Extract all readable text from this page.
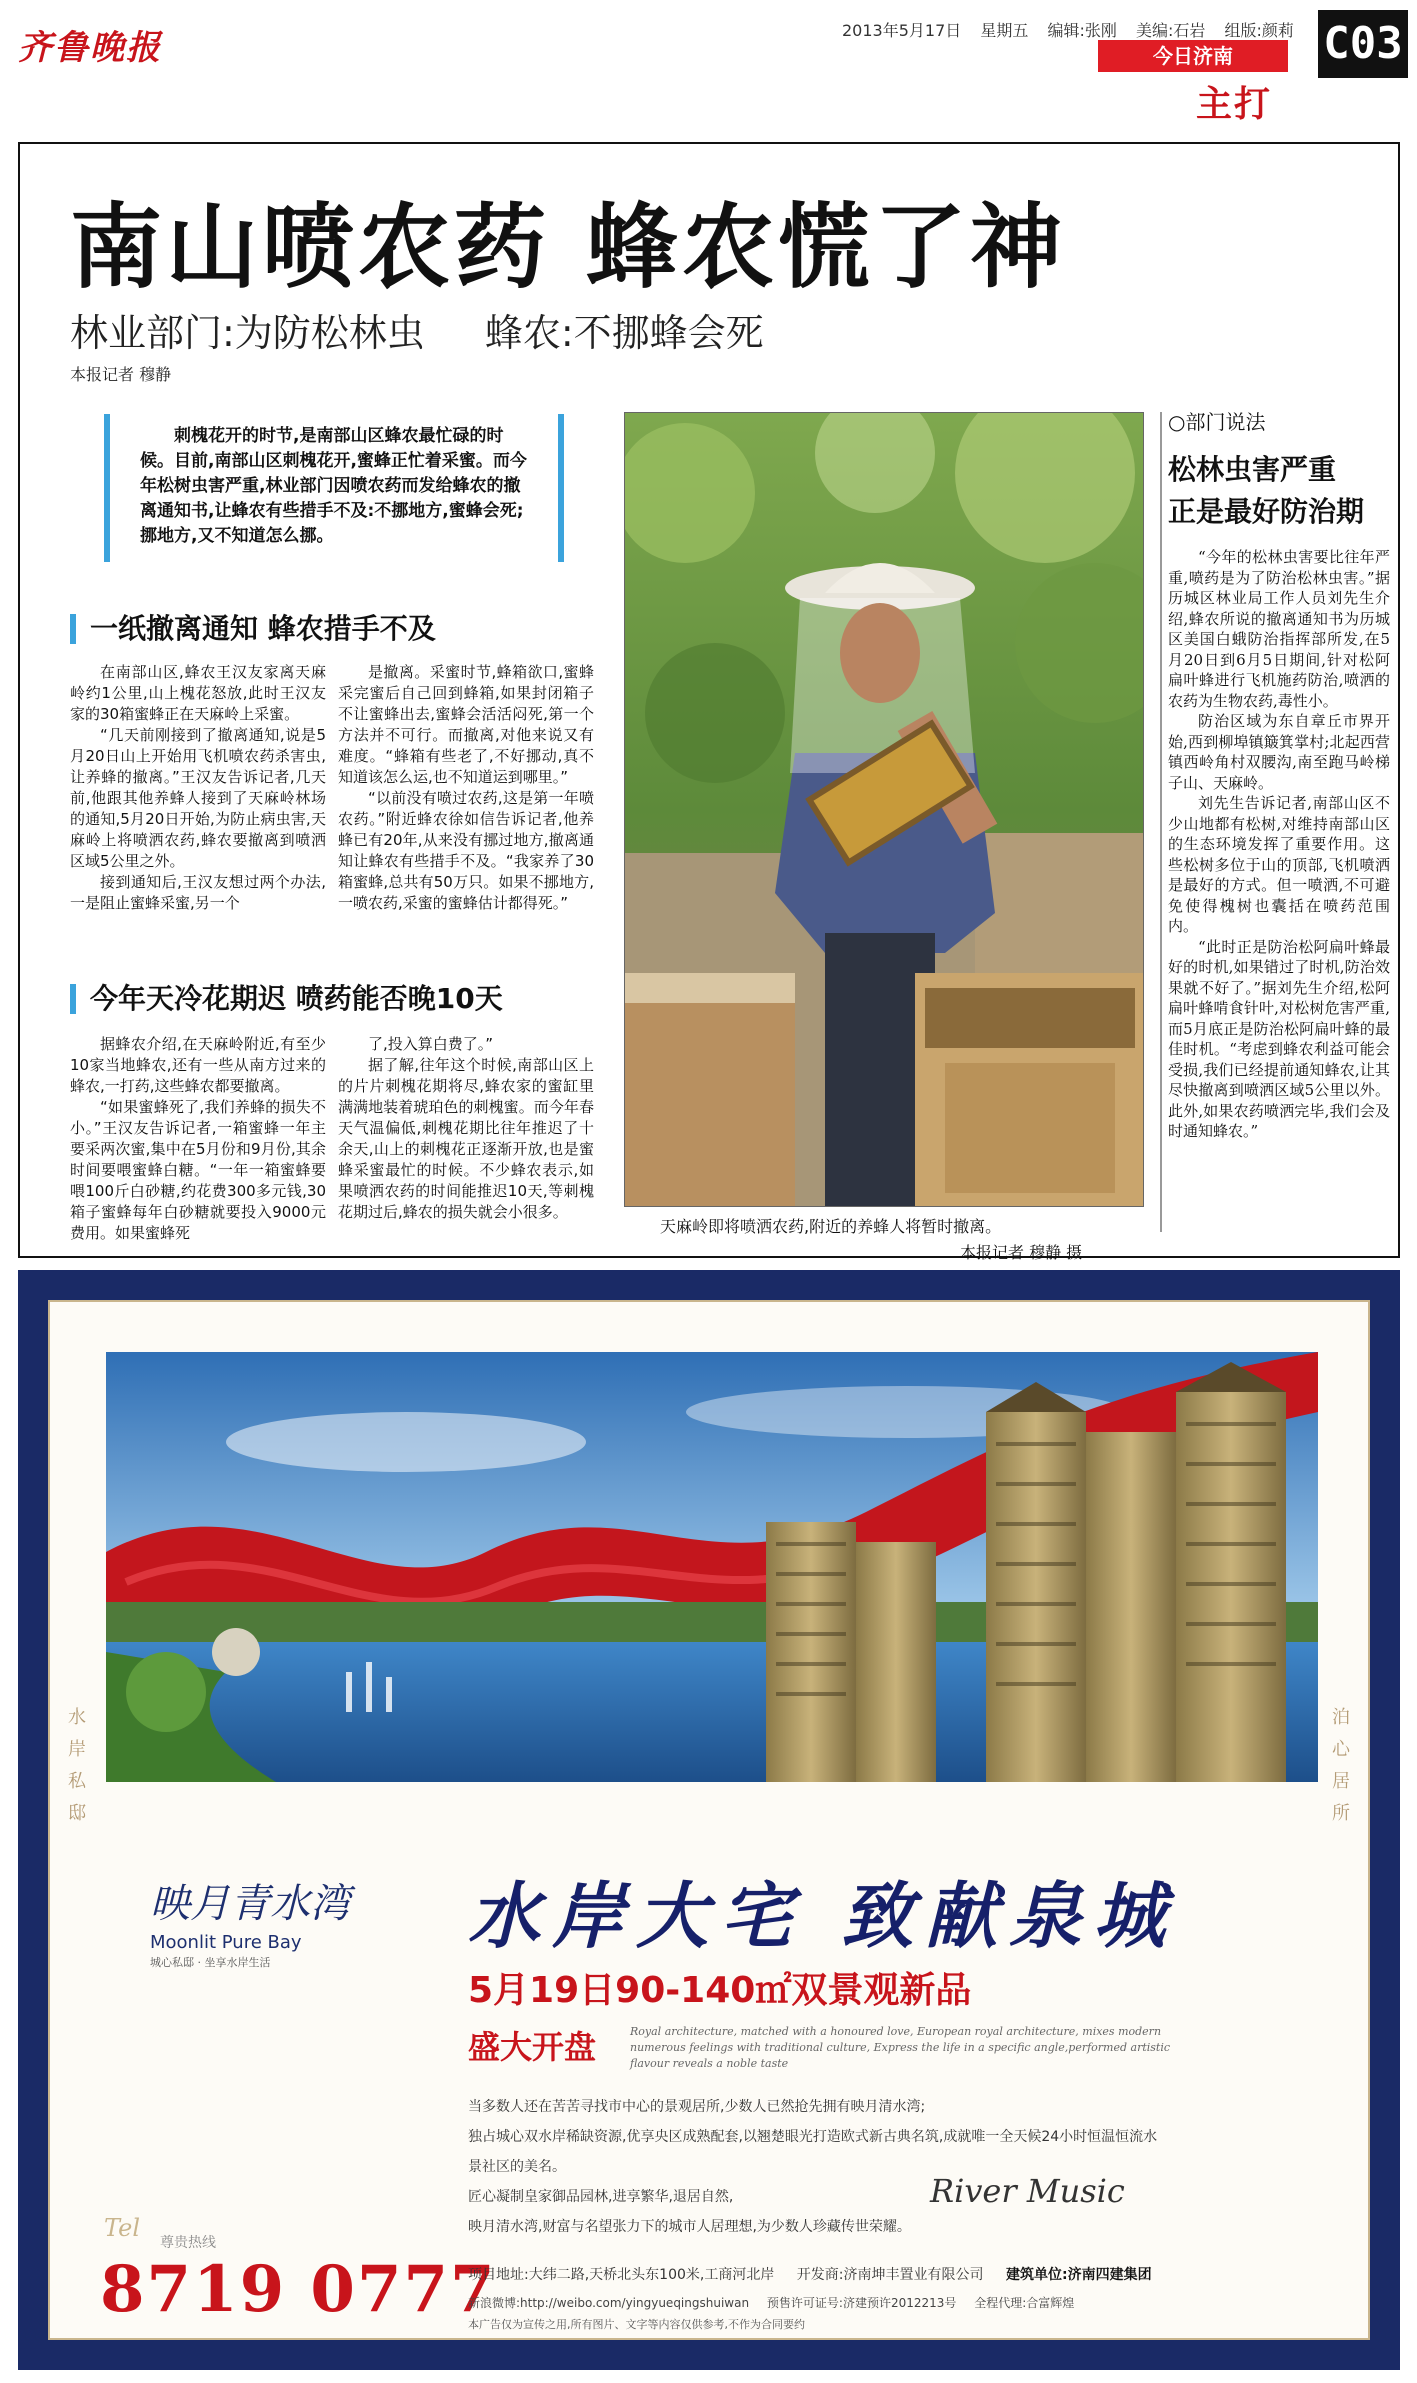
齐鲁晚报	2013年5月17日 星期五 编辑:张刚 美编:石岩 组版:颜莉
今日济南
主打
C03
南山喷农药 蜂农慌了神
林业部门:为防松林虫 蜂农:不挪蜂会死
本报记者 穆静

刺槐花开的时节,是南部山区蜂农最忙碌的时候。目前,南部山区刺槐花开,蜜蜂正忙着采蜜。而今年松树虫害严重,林业部门因喷农药而发给蜂农的撤离通知书,让蜂农有些措手不及:不挪地方,蜜蜂会死;挪地方,又不知道怎么挪。

一纸撤离通知 蜂农措手不及

在南部山区,蜂农王汉友家离天麻岭约1公里,山上槐花怒放,此时王汉友家的30箱蜜蜂正在天麻岭上采蜜。

“几天前刚接到了撤离通知,说是5月20日山上开始用飞机喷农药杀害虫,让养蜂的撤离。”王汉友告诉记者,几天前,他跟其他养蜂人接到了天麻岭林场的通知,5月20日开始,为防止病虫害,天麻岭上将喷洒农药,蜂农要撤离到喷洒区域5公里之外。

接到通知后,王汉友想过两个办法,一是阻止蜜蜂采蜜,另一个

是撤离。采蜜时节,蜂箱欲口,蜜蜂采完蜜后自己回到蜂箱,如果封闭箱子不让蜜蜂出去,蜜蜂会活活闷死,第一个方法并不可行。而撤离,对他来说又有难度。“蜂箱有些老了,不好挪动,真不知道该怎么运,也不知道运到哪里。”

“以前没有喷过农药,这是第一年喷农药。”附近蜂农徐如信告诉记者,他养蜂已有20年,从来没有挪过地方,撤离通知让蜂农有些措手不及。“我家养了30箱蜜蜂,总共有50万只。如果不挪地方,一喷农药,采蜜的蜜蜂估计都得死。”

今年天冷花期迟 喷药能否晚10天

据蜂农介绍,在天麻岭附近,有至少10家当地蜂农,还有一些从南方过来的蜂农,一打药,这些蜂农都要撤离。

“如果蜜蜂死了,我们养蜂的损失不小。”王汉友告诉记者,一箱蜜蜂一年主要采两次蜜,集中在5月份和9月份,其余时间要喂蜜蜂白糖。“一年一箱蜜蜂要喂100斤白砂糖,约花费300多元钱,30箱子蜜蜂每年白砂糖就要投入9000元费用。如果蜜蜂死

了,投入算白费了。”

据了解,往年这个时候,南部山区上的片片刺槐花期将尽,蜂农家的蜜缸里满满地装着琥珀色的刺槐蜜。而今年春天气温偏低,刺槐花期比往年推迟了十余天,山上的刺槐花正逐渐开放,也是蜜蜂采蜜最忙的时候。不少蜂农表示,如果喷洒农药的时间能推迟10天,等刺槐花期过后,蜂农的损失就会小很多。

天麻岭即将喷洒农药,附近的养蜂人将暂时撤离。
本报记者 穆静 摄
○部门说法
松林虫害严重
正是最好防治期

“今年的松林虫害要比往年严重,喷药是为了防治松林虫害。”据历城区林业局工作人员刘先生介绍,蜂农所说的撤离通知书为历城区美国白蛾防治指挥部所发,在5月20日到6月5日期间,针对松阿扁叶蜂进行飞机施药防治,喷洒的农药为生物农药,毒性小。

防治区域为东自章丘市界开始,西到柳埠镇簸箕掌村;北起西营镇西岭角村双腰沟,南至跑马岭梯子山、天麻岭。

刘先生告诉记者,南部山区不少山地都有松树,对维持南部山区的生态环境发挥了重要作用。这些松树多位于山的顶部,飞机喷洒是最好的方式。但一喷洒,不可避免使得槐树也囊括在喷药范围内。

“此时正是防治松阿扁叶蜂最好的时机,如果错过了时机,防治效果就不好了。”据刘先生介绍,松阿扁叶蜂啃食针叶,对松树危害严重,而5月底正是防治松阿扁叶蜂的最佳时机。“考虑到蜂农利益可能会受损,我们已经提前通知蜂农,让其尽快撤离到喷洒区域5公里以外。此外,如果农药喷洒完毕,我们会及时通知蜂农。”

水
岸
私
邸
泊
心
居
所
映月青水湾
Moonlit Pure Bay
城心私邸 · 坐享水岸生活
水岸大宅 致献泉城
5月19日90-140㎡双景观新品
盛大开盘	Royal architecture, matched with a honoured love, European royal architecture, mixes modern numerous feelings with traditional culture, Express the life in a specific angle,performed artistic flavour reveals a noble taste
当多数人还在苦苦寻找市中心的景观居所,少数人已然抢先拥有映月清水湾;
独占城心双水岸稀缺资源,优享央区成熟配套,以翘楚眼光打造欧式新古典名筑,成就唯一全天候24小时恒温恒流水景社区的美名。
匠心凝制皇家御品园林,进享繁华,退居自然,
映月清水湾,财富与名望张力下的城市人居理想,为少数人珍藏传世荣耀。
River Music
Tel
尊贵热线
8719 0777
项目地址:大纬二路,天桥北头东100米,工商河北岸 开发商:济南坤丰置业有限公司 建筑单位:济南四建集团
新浪微博:http://weibo.com/yingyueqingshuiwan 预售许可证号:济建预许2012213号 全程代理:合富辉煌
本广告仅为宣传之用,所有图片、文字等内容仅供参考,不作为合同要约
